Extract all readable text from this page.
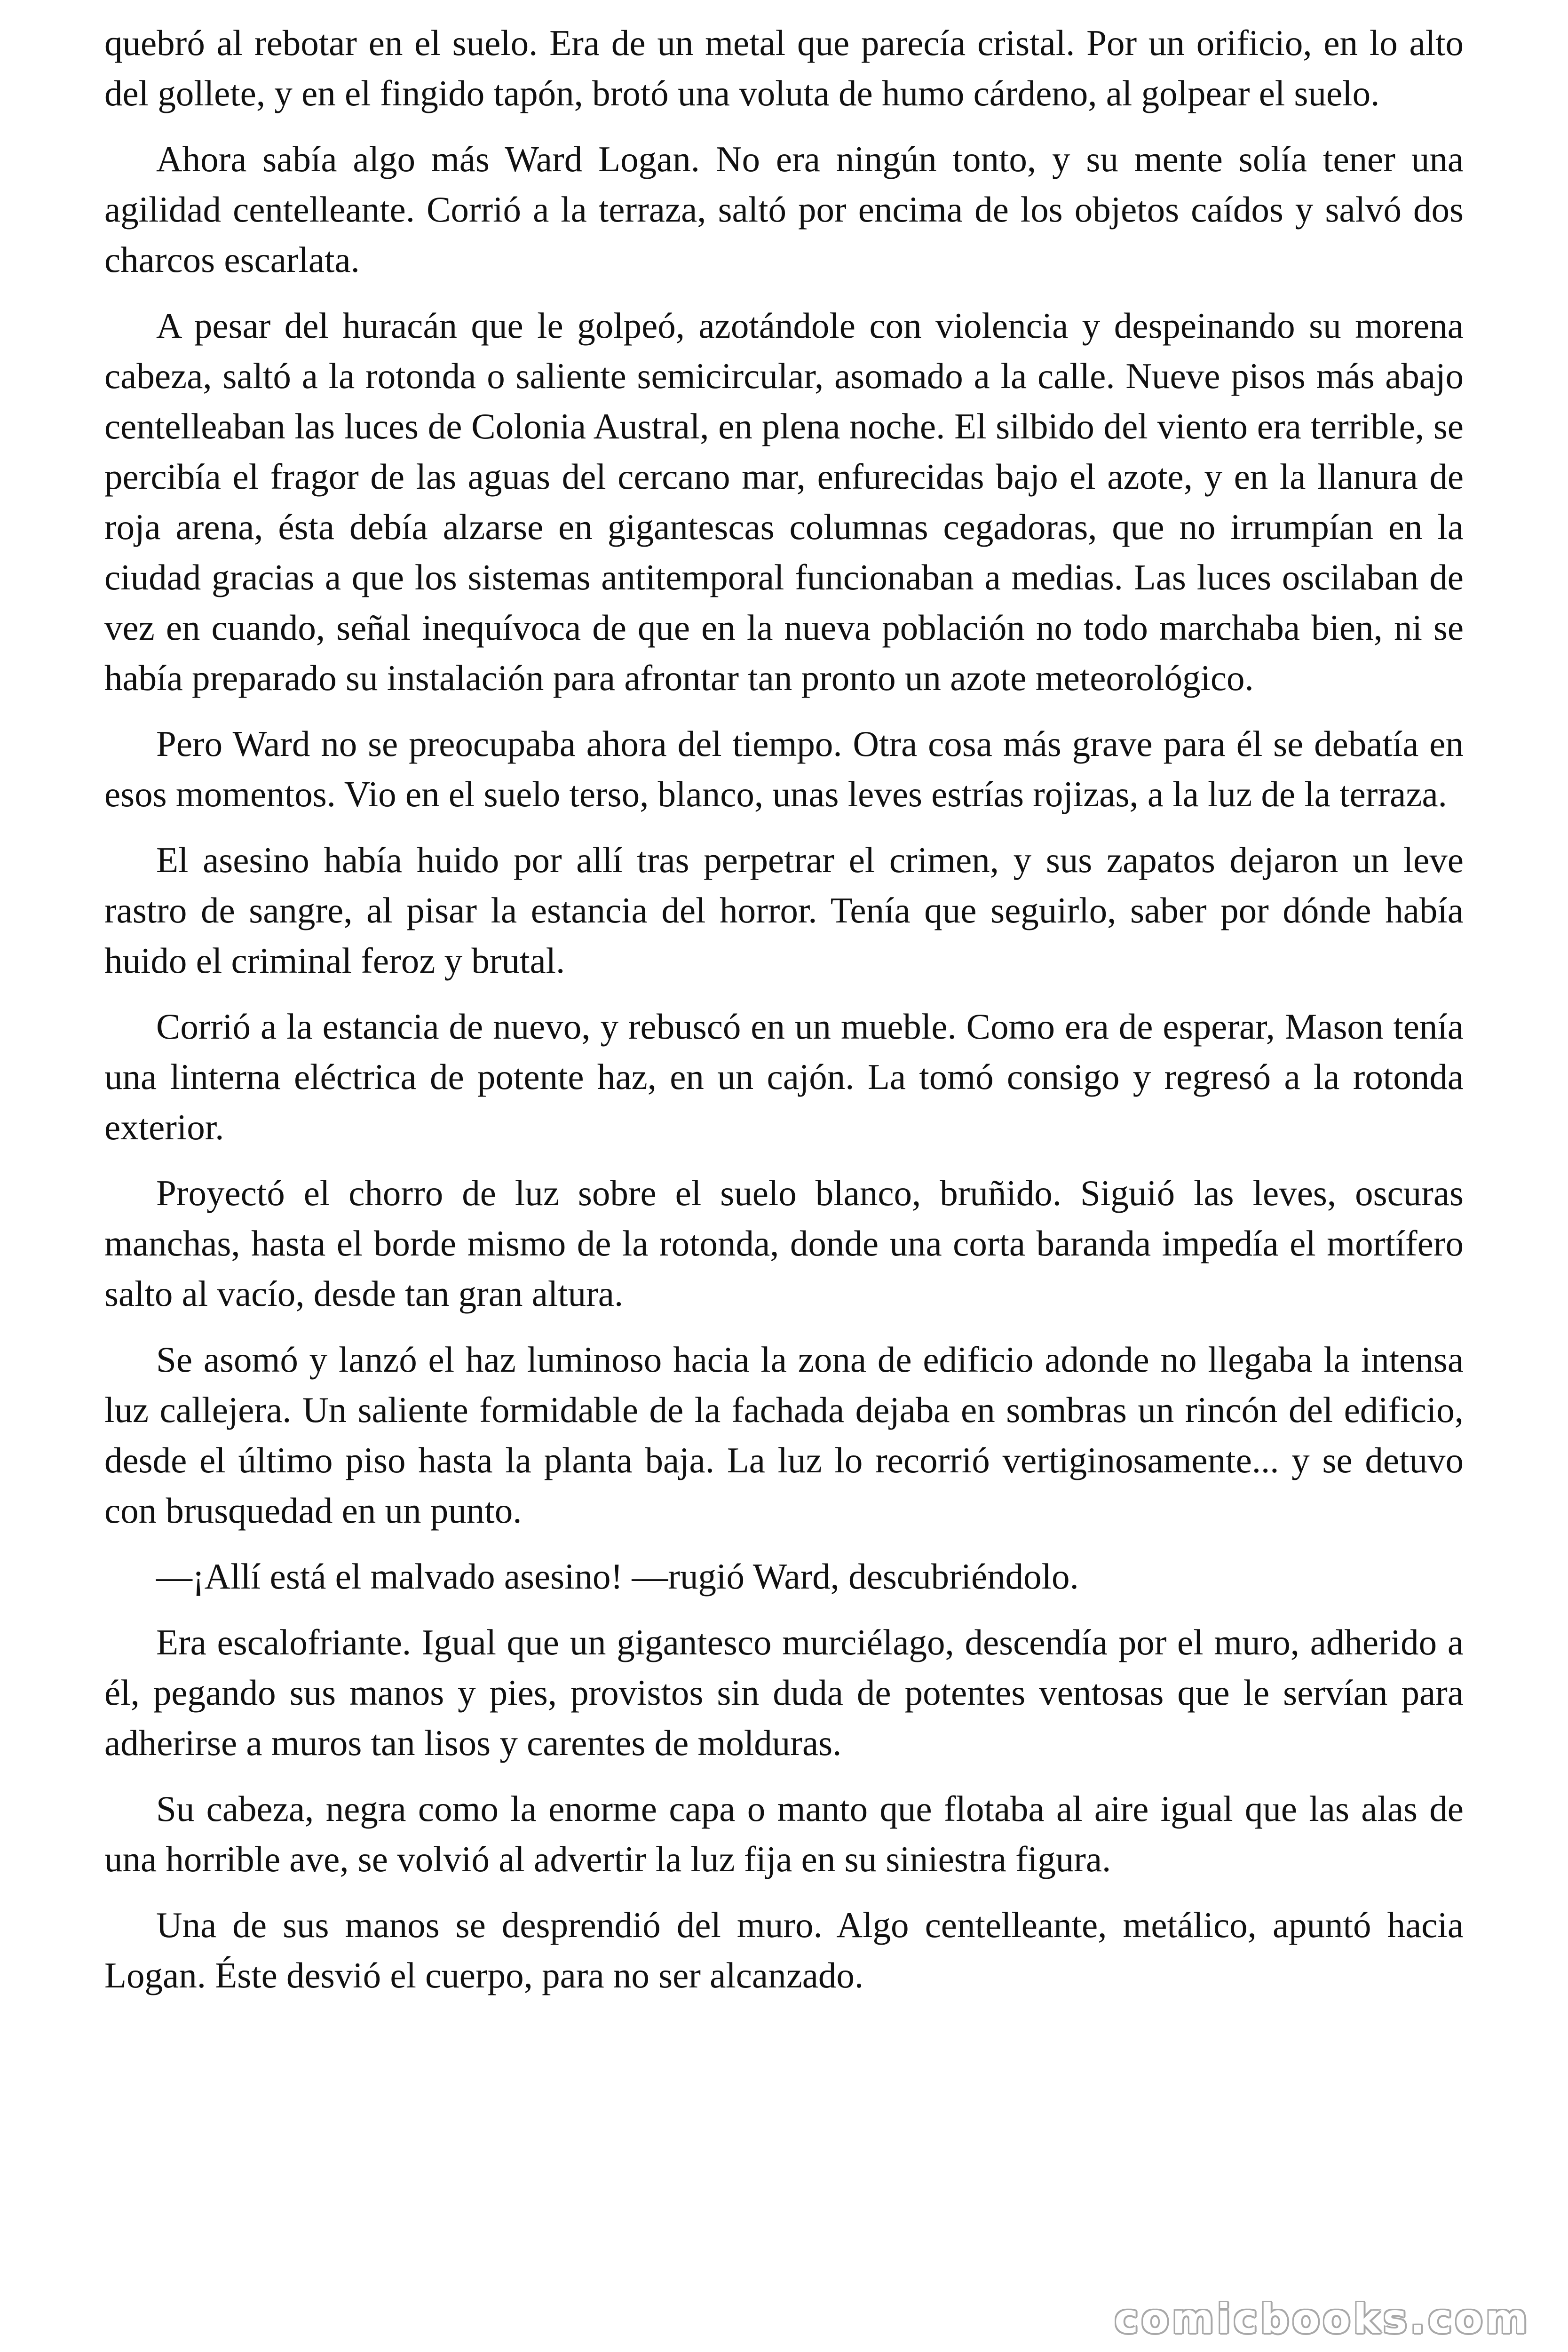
quebró al rebotar en el suelo. Era de un metal que parecía cristal. Por un orificio, en lo alto del gollete, y en el fingido tapón, brotó una voluta de humo cárdeno, al golpear el suelo.

Ahora sabía algo más Ward Logan. No era ningún tonto, y su mente solía tener una agilidad centelleante. Corrió a la terraza, saltó por encima de los objetos caídos y salvó dos charcos escarlata.

A pesar del huracán que le golpeó, azotándole con violencia y despeinando su morena cabeza, saltó a la rotonda o saliente semicircular, asomado a la calle. Nueve pisos más abajo centelleaban las luces de Colonia Austral, en plena noche. El silbido del viento era terrible, se percibía el fragor de las aguas del cercano mar, enfurecidas bajo el azote, y en la llanura de roja arena, ésta debía alzarse en gigantescas columnas cegadoras, que no irrumpían en la ciudad gracias a que los sistemas antitemporal funcionaban a medias. Las luces oscilaban de vez en cuando, señal inequívoca de que en la nueva población no todo marchaba bien, ni se había preparado su instalación para afrontar tan pronto un azote meteorológico.

Pero Ward no se preocupaba ahora del tiempo. Otra cosa más grave para él se debatía en esos momentos. Vio en el suelo terso, blanco, unas leves estrías rojizas, a la luz de la terraza.

El asesino había huido por allí tras perpetrar el crimen, y sus zapatos dejaron un leve rastro de sangre, al pisar la estancia del horror. Tenía que seguirlo, saber por dónde había huido el criminal feroz y brutal.

Corrió a la estancia de nuevo, y rebuscó en un mueble. Como era de esperar, Mason tenía una linterna eléctrica de potente haz, en un cajón. La tomó consigo y regresó a la rotonda exterior.

Proyectó el chorro de luz sobre el suelo blanco, bruñido. Siguió las leves, oscuras manchas, hasta el borde mismo de la rotonda, donde una corta baranda impedía el mortífero salto al vacío, desde tan gran altura.

Se asomó y lanzó el haz luminoso hacia la zona de edificio adonde no llegaba la intensa luz callejera. Un saliente formidable de la fachada dejaba en sombras un rincón del edificio, desde el último piso hasta la planta baja. La luz lo recorrió vertiginosamente... y se detuvo con brusquedad en un punto.

—¡Allí está el malvado asesino! —rugió Ward, descubriéndolo.

Era escalofriante. Igual que un gigantesco murciélago, descendía por el muro, adherido a él, pegando sus manos y pies, provistos sin duda de potentes ventosas que le servían para adherirse a muros tan lisos y carentes de molduras.

Su cabeza, negra como la enorme capa o manto que flotaba al aire igual que las alas de una horrible ave, se volvió al advertir la luz fija en su siniestra figura.

Una de sus manos se desprendió del muro. Algo centelleante, metálico, apuntó hacia Logan. Éste desvió el cuerpo, para no ser alcanzado.

comicbooks.com
